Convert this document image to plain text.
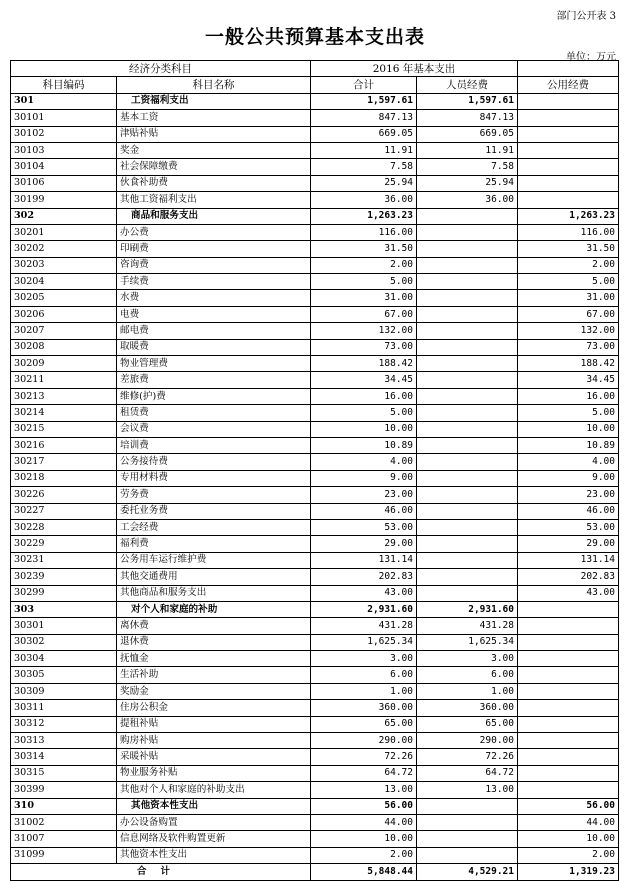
部门公开表 3
一般公共预算基本支出表
单位：万元
经济分类科目		2016 年基本支出		
科目编码	科目名称	合计	人员经费	公用经费
301	工资福利支出	1,597.61	1,597.61	
30101	基本工资	847.13	847.13	
30102	津贴补贴	669.05	669.05	
30103	奖金	11.91	11.91	
30104	社会保障缴费	7.58	7.58	
30106	伙食补助费	25.94	25.94	
30199	其他工资福利支出	36.00	36.00	
302	商品和服务支出	1,263.23		1,263.23
30201	办公费	116.00		116.00
30202	印刷费	31.50		31.50
30203	咨询费	2.00		2.00
30204	手续费	5.00		5.00
30205	水费	31.00		31.00
30206	电费	67.00		67.00
30207	邮电费	132.00		132.00
30208	取暖费	73.00		73.00
30209	物业管理费	188.42		188.42
30211	差旅费	34.45		34.45
30213	维修(护)费	16.00		16.00
30214	租赁费	5.00		5.00
30215	会议费	10.00		10.00
30216	培训费	10.89		10.89
30217	公务接待费	4.00		4.00
30218	专用材料费	9.00		9.00
30226	劳务费	23.00		23.00
30227	委托业务费	46.00		46.00
30228	工会经费	53.00		53.00
30229	福利费	29.00		29.00
30231	公务用车运行维护费	131.14		131.14
30239	其他交通费用	202.83		202.83
30299	其他商品和服务支出	43.00		43.00
303	对个人和家庭的补助	2,931.60	2,931.60	
30301	离休费	431.28	431.28	
30302	退休费	1,625.34	1,625.34	
30304	抚恤金	3.00	3.00	
30305	生活补助	6.00	6.00	
30309	奖励金	1.00	1.00	
30311	住房公积金	360.00	360.00	
30312	提租补贴	65.00	65.00	
30313	购房补贴	290.00	290.00	
30314	采暖补贴	72.26	72.26	
30315	物业服务补贴	64.72	64.72	
30399	其他对个人和家庭的补助支出	13.00	13.00	
310	其他资本性支出	56.00		56.00
31002	办公设备购置	44.00		44.00
31007	信息网络及软件购置更新	10.00		10.00
31099	其他资本性支出	2.00		2.00
合计		5,848.44	4,529.21	1,319.23
